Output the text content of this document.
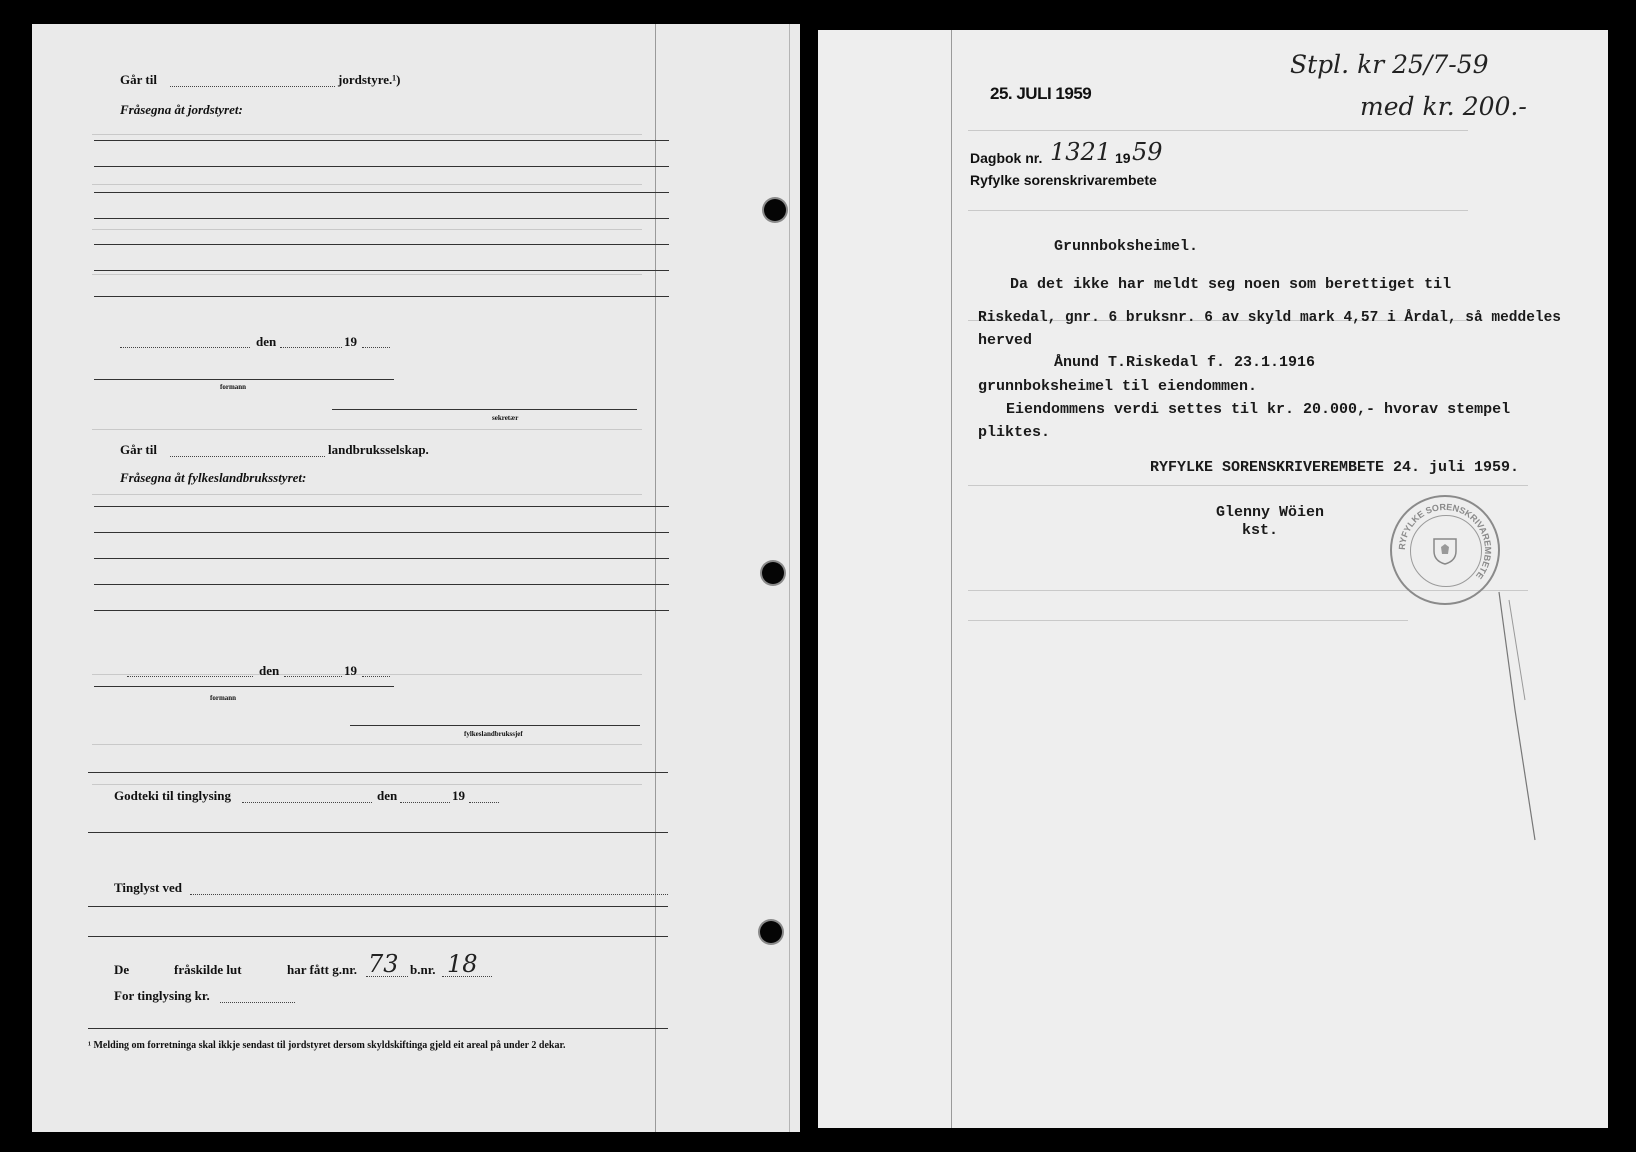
Går til	jordstyre.¹)
Fråsegna åt jordstyret:
den	19
formann
sekretær
Går til	landbruksselskap.
Fråsegna åt fylkeslandbruksstyret:
den	19
formann
fylkeslandbrukssjef
Godteki til tinglysing	den	19
Tinglyst ved
De	fråskilde lut	har fått g.nr. 73 b.nr. 18
For tinglysing kr.
¹ Melding om forretninga skal ikkje sendast til jordstyret dersom skyldskiftinga gjeld eit areal på under 2 dekar.
25. JULI 1959
Stpl. kr 25/7-59
med kr. 200.-
Dagbok nr. 1321 19 59
Ryfylke sorenskrivarembete
Grunnboksheimel.
Da det ikke har meldt seg noen som berettiget til
Riskedal, gnr. 6 bruksnr. 6 av skyld mark 4,57 i Årdal, så meddeles
herved
Ånund T.Riskedal f. 23.1.1916
grunnboksheimel til eiendommen.
Eiendommens verdi settes til kr. 20.000,- hvorav stempel
pliktes.
RYFYLKE SORENSKRIVEREMBETE 24. juli 1959.
Glenny Wöien
kst.
RYFYLKE SORENSKRIVAREMBETE
